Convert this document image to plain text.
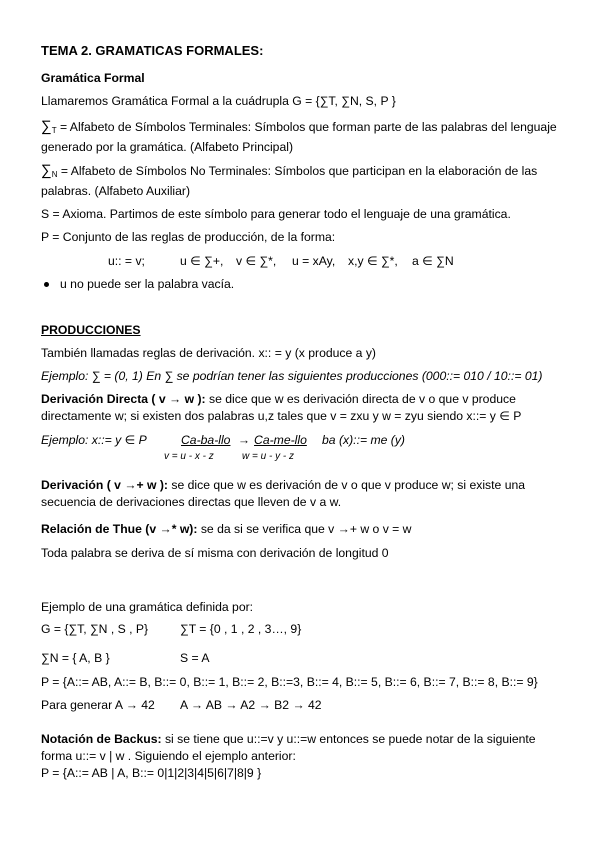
TEMA 2. GRAMATICAS FORMALES:
Gramática Formal
Llamaremos Gramática Formal a la cuádrupla G = {∑T, ∑N, S, P }
$\sum_T$ = Alfabeto de Símbolos Terminales: Símbolos que forman parte de las palabras del lenguaje generado por la gramática. (Alfabeto Principal)
$\sum_N$ = Alfabeto de Símbolos No Terminales: Símbolos que participan en la elaboración de las palabras. (Alfabeto Auxiliar)
S = Axioma. Partimos de este símbolo para generar todo el lenguaje de una gramática.
P = Conjunto de las reglas de producción, de la forma:
u:: = v;	u ∈ ∑+, v ∈ ∑*, u = xAy, x,y ∈ ∑*, a ∈ ∑N
u no puede ser la palabra vacía.
PRODUCCIONES
También llamadas reglas de derivación. x:: = y (x produce a y)
Ejemplo: ∑ = (0, 1) En ∑ se podrían tener las siguientes producciones (000::= 010 / 10::= 01)
Derivación Directa ( v → w ): se dice que w es derivación directa de v o que v produce directamente w; si existen dos palabras u,z tales que v = zxu y w = zyu siendo x::= y ∈ P
Ejemplo: x::= y ∈ P	Ca-ba-llo → Ca-me-llo ba (x)::= me (y)
v = u - x - z	w = u - y - z
Derivación ( v →+ w ): se dice que w es derivación de v o que v produce w; si existe una secuencia de derivaciones directas que lleven de v a w.
Relación de Thue (v →* w): se da si se verifica que v →+ w o v = w
Toda palabra se deriva de sí misma con derivación de longitud 0
Ejemplo de una gramática definida por:
G = {∑T, ∑N , S , P}	∑T = {0 , 1 , 2 , 3…, 9}
∑N = { A, B }	S = A
P = {A::= AB, A::= B, B::= 0, B::= 1, B::= 2, B::=3, B::= 4, B::= 5, B::= 6, B::= 7, B::= 8, B::= 9}
Para generar A → 42 A → AB → A2 → B2 → 42
Notación de Backus: si se tiene que u::=v y u::=w entonces se puede notar de la siguiente forma u::= v | w . Siguiendo el ejemplo anterior:
P = {A::= AB | A, B::= 0|1|2|3|4|5|6|7|8|9 }
